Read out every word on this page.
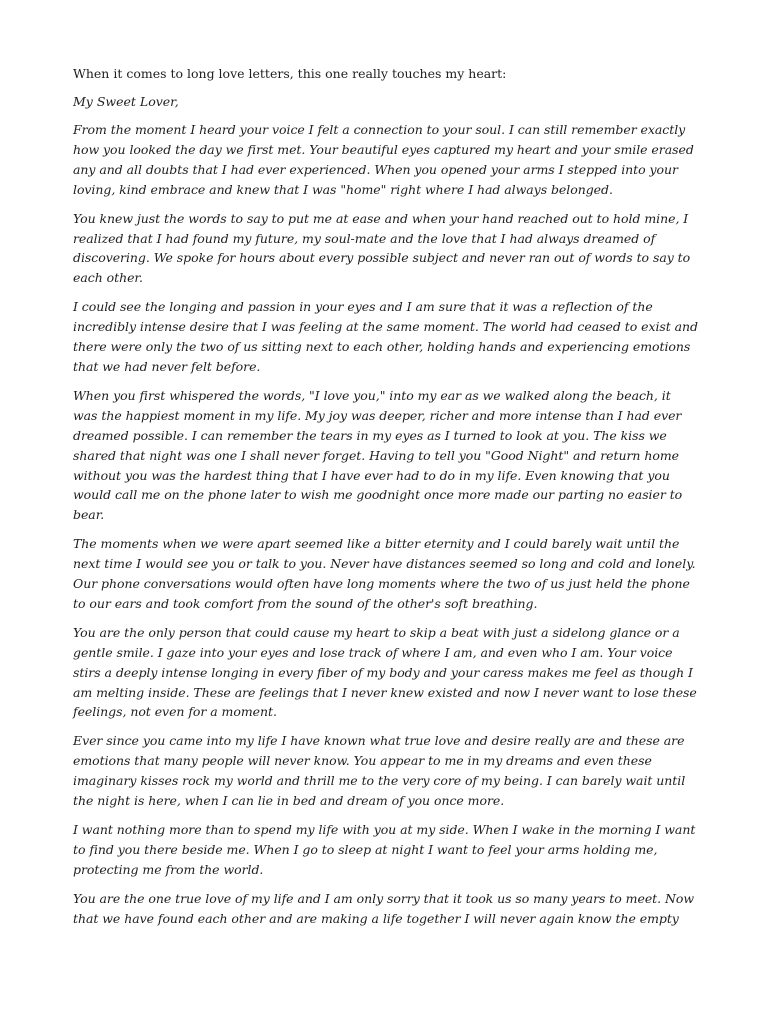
When it comes to long love letters, this one really touches my heart:

My Sweet Lover,

From the moment I heard your voice I felt a connection to your soul. I can still remember exactly how you looked the day we first met. Your beautiful eyes captured my heart and your smile erased any and all doubts that I had ever experienced. When you opened your arms I stepped into your loving, kind embrace and knew that I was "home" right where I had always belonged.

You knew just the words to say to put me at ease and when your hand reached out to hold mine, I realized that I had found my future, my soul-mate and the love that I had always dreamed of discovering. We spoke for hours about every possible subject and never ran out of words to say to each other.

I could see the longing and passion in your eyes and I am sure that it was a reflection of the incredibly intense desire that I was feeling at the same moment. The world had ceased to exist and there were only the two of us sitting next to each other, holding hands and experiencing emotions that we had never felt before.

When you first whispered the words, "I love you," into my ear as we walked along the beach, it was the happiest moment in my life. My joy was deeper, richer and more intense than I had ever dreamed possible. I can remember the tears in my eyes as I turned to look at you. The kiss we shared that night was one I shall never forget. Having to tell you "Good Night" and return home without you was the hardest thing that I have ever had to do in my life. Even knowing that you would call me on the phone later to wish me goodnight once more made our parting no easier to bear.

The moments when we were apart seemed like a bitter eternity and I could barely wait until the next time I would see you or talk to you. Never have distances seemed so long and cold and lonely. Our phone conversations would often have long moments where the two of us just held the phone to our ears and took comfort from the sound of the other's soft breathing.

You are the only person that could cause my heart to skip a beat with just a sidelong glance or a gentle smile. I gaze into your eyes and lose track of where I am, and even who I am. Your voice stirs a deeply intense longing in every fiber of my body and your caress makes me feel as though I am melting inside. These are feelings that I never knew existed and now I never want to lose these feelings, not even for a moment.

Ever since you came into my life I have known what true love and desire really are and these are emotions that many people will never know. You appear to me in my dreams and even these imaginary kisses rock my world and thrill me to the very core of my being. I can barely wait until the night is here, when I can lie in bed and dream of you once more.

I want nothing more than to spend my life with you at my side. When I wake in the morning I want to find you there beside me. When I go to sleep at night I want to feel your arms holding me, protecting me from the world.

You are the one true love of my life and I am only sorry that it took us so many years to meet. Now that we have found each other and are making a life together I will never again know the empty
